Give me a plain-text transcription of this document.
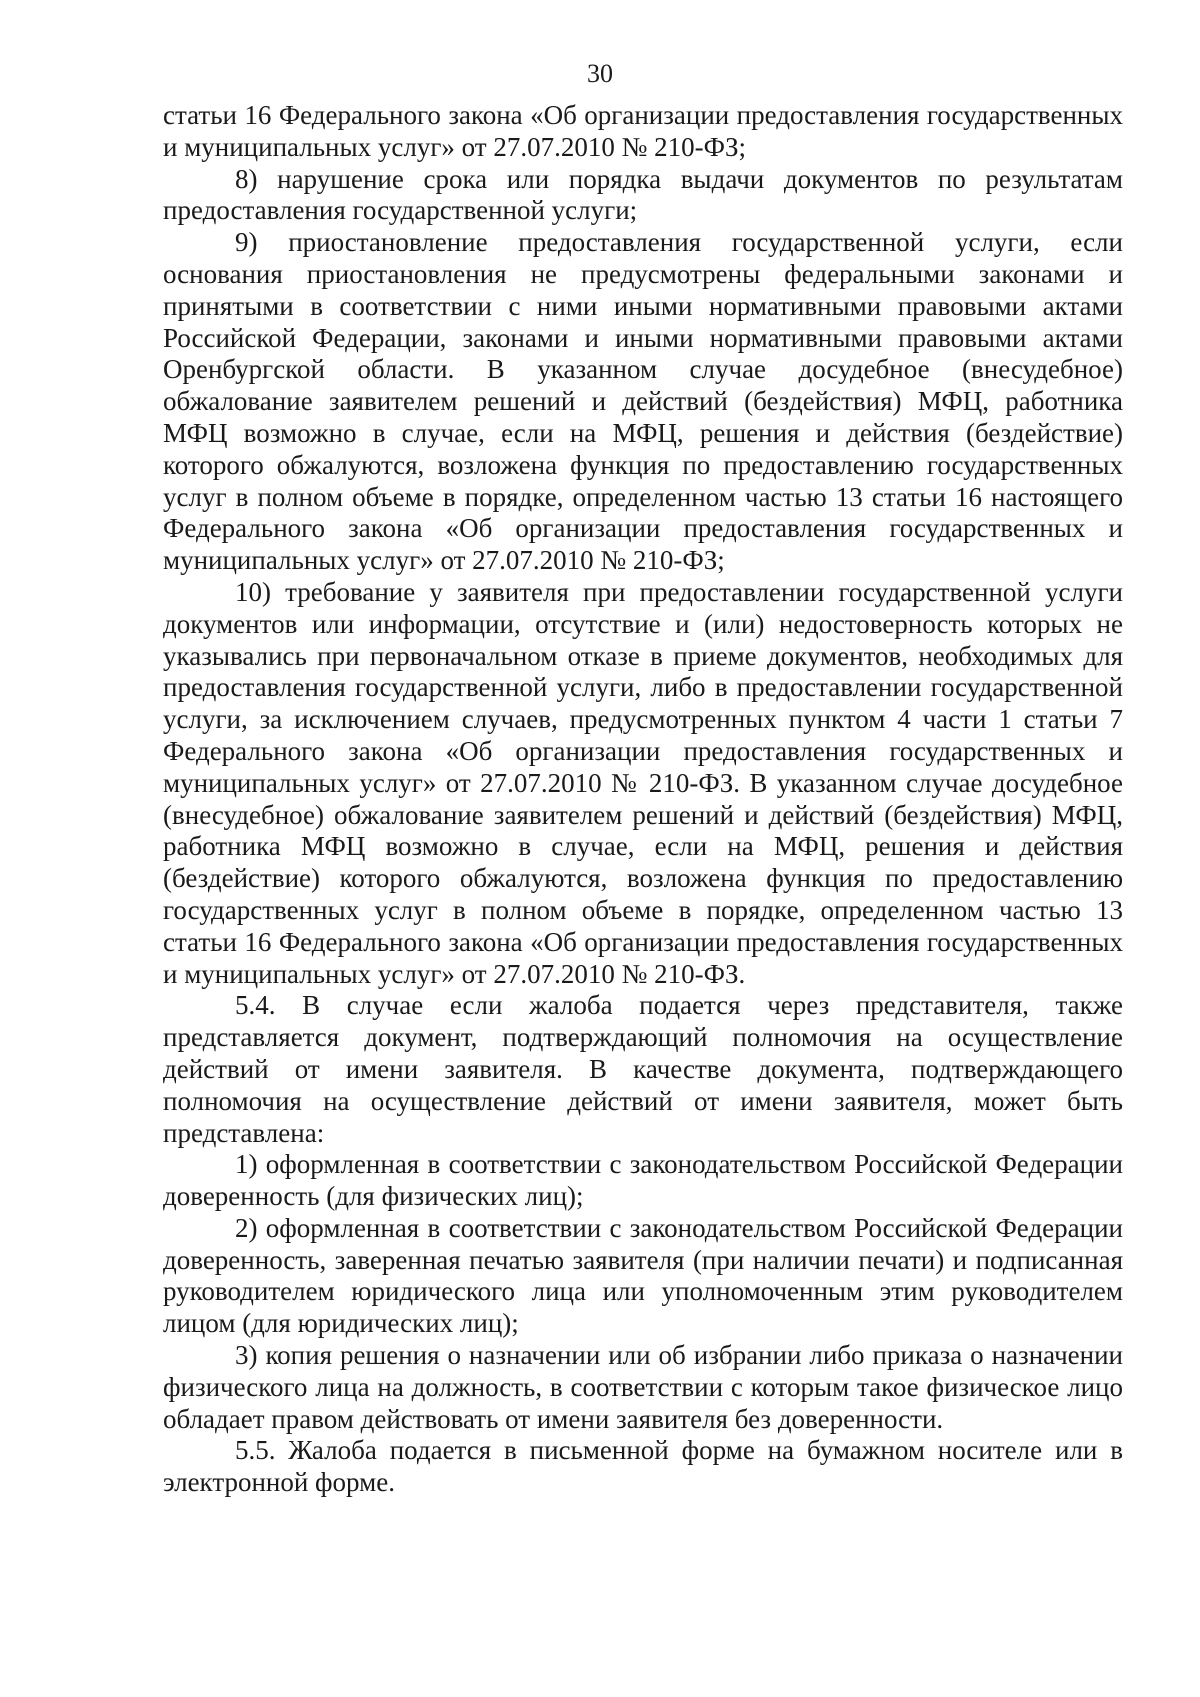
30

статьи 16 Федерального закона «Об организации предоставления государственных и муниципальных услуг» от 27.07.2010 № 210-ФЗ;

8) нарушение срока или порядка выдачи документов по результатам предоставления государственной услуги;

9) приостановление предоставления государственной услуги, если основания приостановления не предусмотрены федеральными законами и принятыми в соответствии с ними иными нормативными правовыми актами Российской Федерации, законами и иными нормативными правовыми актами Оренбургской области. В указанном случае досудебное (внесудебное) обжалование заявителем решений и действий (бездействия) МФЦ, работника МФЦ возможно в случае, если на МФЦ, решения и действия (бездействие) которого обжалуются, возложена функция по предоставлению государственных услуг в полном объеме в порядке, определенном частью 13 статьи 16 настоящего Федерального закона «Об организации предоставления государственных и муниципальных услуг» от 27.07.2010 № 210-ФЗ;

10) требование у заявителя при предоставлении государственной услуги документов или информации, отсутствие и (или) недостоверность которых не указывались при первоначальном отказе в приеме документов, необходимых для предоставления государственной услуги, либо в предоставлении государственной услуги, за исключением случаев, предусмотренных пунктом 4 части 1 статьи 7 Федерального закона «Об организации предоставления государственных и муниципальных услуг» от 27.07.2010 № 210-ФЗ. В указанном случае досудебное (внесудебное) обжалование заявителем решений и действий (бездействия) МФЦ, работника МФЦ возможно в случае, если на МФЦ, решения и действия (бездействие) которого обжалуются, возложена функция по предоставлению государственных услуг в полном объеме в порядке, определенном частью 13 статьи 16 Федерального закона «Об организации предоставления государственных и муниципальных услуг» от 27.07.2010 № 210-ФЗ.

5.4. В случае если жалоба подается через представителя, также представляется документ, подтверждающий полномочия на осуществление действий от имени заявителя. В качестве документа, подтверждающего полномочия на осуществление действий от имени заявителя, может быть представлена:

1) оформленная в соответствии с законодательством Российской Федерации доверенность (для физических лиц);

2) оформленная в соответствии с законодательством Российской Федерации доверенность, заверенная печатью заявителя (при наличии печати) и подписанная руководителем юридического лица или уполномоченным этим руководителем лицом (для юридических лиц);

3) копия решения о назначении или об избрании либо приказа о назначении физического лица на должность, в соответствии с которым такое физическое лицо обладает правом действовать от имени заявителя без доверенности.

5.5. Жалоба подается в письменной форме на бумажном носителе или в электронной форме.
